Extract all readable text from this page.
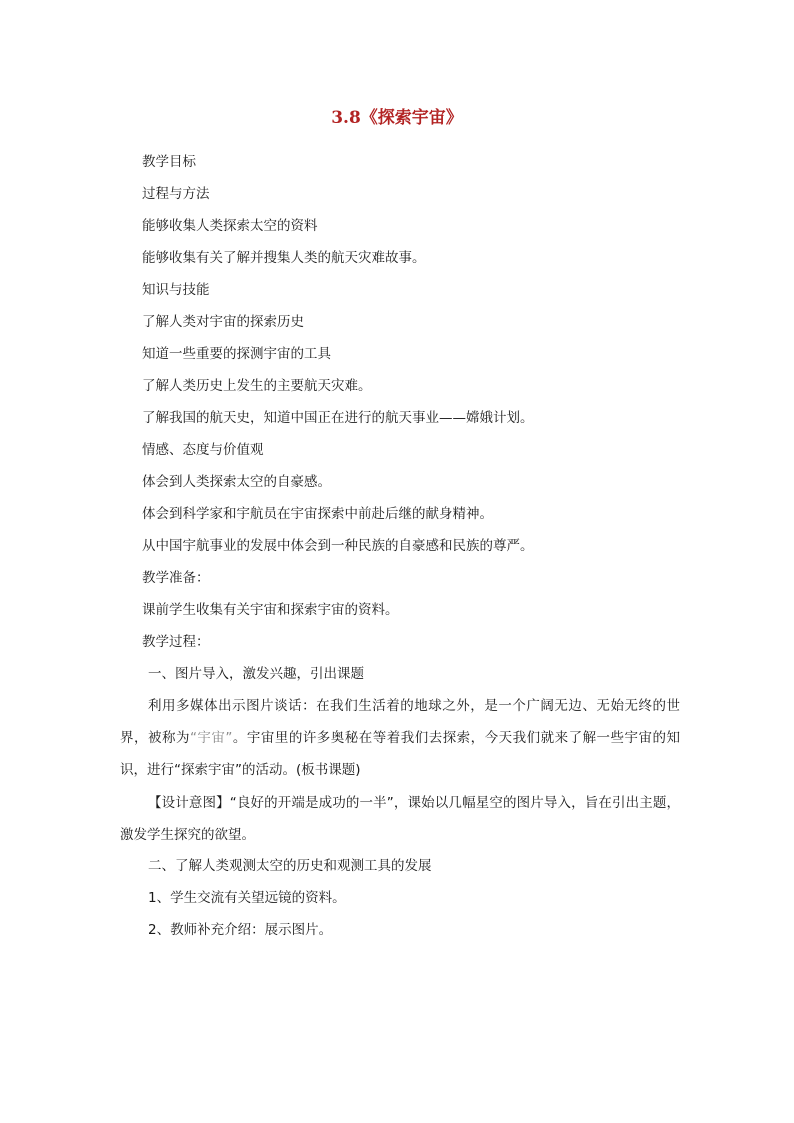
3.8《探索宇宙》

教学目标

过程与方法

能够收集人类探索太空的资料

能够收集有关了解并搜集人类的航天灾难故事。

知识与技能

了解人类对宇宙的探索历史

知道一些重要的探测宇宙的工具

了解人类历史上发生的主要航天灾难。

了解我国的航天史，知道中国正在进行的航天事业——嫦娥计划。

情感、态度与价值观

体会到人类探索太空的自豪感。

体会到科学家和宇航员在宇宙探索中前赴后继的献身精神。

从中国宇航事业的发展中体会到一种民族的自豪感和民族的尊严。

教学准备：

课前学生收集有关宇宙和探索宇宙的资料。

教学过程：

一、图片导入，激发兴趣，引出课题

利用多媒体出示图片谈话：在我们生活着的地球之外，是一个广阔无边、无始无终的世界，被称为“宇宙”。宇宙里的许多奥秘在等着我们去探索，今天我们就来了解一些宇宙的知识，进行“探索宇宙”的活动。(板书课题)

【设计意图】“良好的开端是成功的一半”，课始以几幅星空的图片导入，旨在引出主题，激发学生探究的欲望。

二、了解人类观测太空的历史和观测工具的发展

1、学生交流有关望远镜的资料。

2、教师补充介绍：展示图片。
